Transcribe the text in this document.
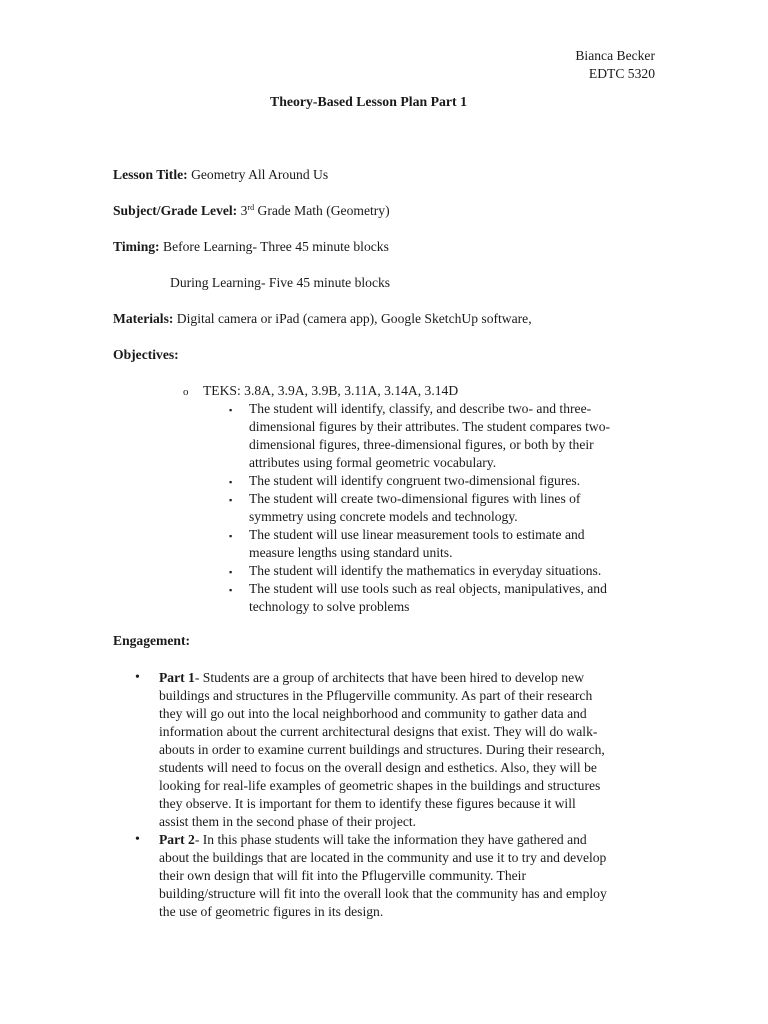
Bianca Becker
EDTC 5320
Theory-Based Lesson Plan Part 1
Lesson Title: Geometry All Around Us
Subject/Grade Level: 3rd Grade Math (Geometry)
Timing: Before Learning- Three 45 minute blocks
During Learning- Five 45 minute blocks
Materials: Digital camera or iPad (camera app), Google SketchUp software,
Objectives:
o TEKS: 3.8A, 3.9A, 3.9B, 3.11A, 3.14A, 3.14D
▪ The student will identify, classify, and describe two- and three-
dimensional figures by their attributes. The student compares two-
dimensional figures, three-dimensional figures, or both by their
attributes using formal geometric vocabulary.
▪ The student will identify congruent two-dimensional figures.
▪ The student will create two-dimensional figures with lines of
symmetry using concrete models and technology.
▪ The student will use linear measurement tools to estimate and
measure lengths using standard units.
▪ The student will identify the mathematics in everyday situations.
▪ The student will use tools such as real objects, manipulatives, and
technology to solve problems
Engagement:
• Part 1- Students are a group of architects that have been hired to develop new
buildings and structures in the Pflugerville community. As part of their research
they will go out into the local neighborhood and community to gather data and
information about the current architectural designs that exist. They will do walk-
abouts in order to examine current buildings and structures. During their research,
students will need to focus on the overall design and esthetics. Also, they will be
looking for real-life examples of geometric shapes in the buildings and structures
they observe. It is important for them to identify these figures because it will
assist them in the second phase of their project.
• Part 2- In this phase students will take the information they have gathered and
about the buildings that are located in the community and use it to try and develop
their own design that will fit into the Pflugerville community. Their
building/structure will fit into the overall look that the community has and employ
the use of geometric figures in its design.
